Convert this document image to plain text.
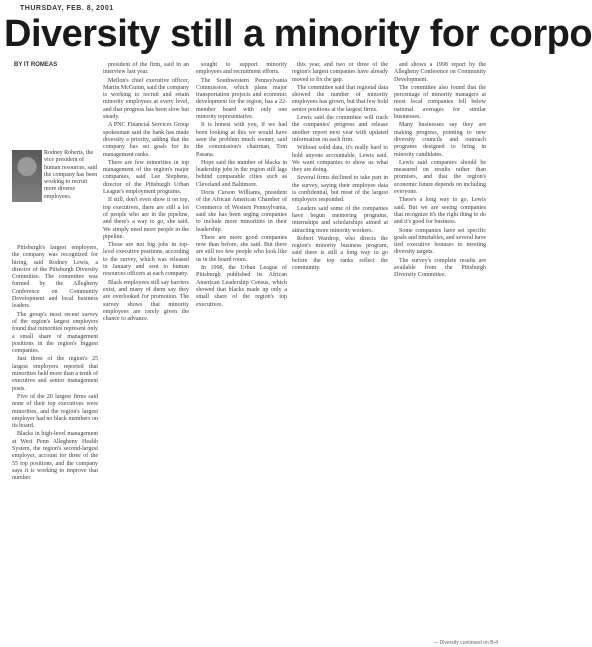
THURSDAY, FEB. 8, 2001
Diversity still a minority for corpo
BY IT ROMEAS
Rodney Roberts, the vice president of human resources, said the company has been working to recruit more diverse employees.

Pittsburgh's largest employers, the company was recognized for hiring, said Rodney Lewis, a director of the Pittsburgh Diversity Committee. The committee was formed by the Allegheny Conference on Community Development and local business leaders.

The group's most recent survey of the region's largest employers found that minorities represent only a small share of management positions in the region's biggest companies.

Just three of the region's 25 largest employers reported that minorities held more than a tenth of executive and senior management posts.

Five of the 20 largest firms said none of their top executives were minorities, and the region's largest employer had no black members on its board.

Blacks in high-level management at West Penn Allegheny Health System, the region's second-largest employer, account for three of the 55 top positions, and the company says it is working to improve that number.

president of the firm, said in an interview last year.

Mellon's chief executive officer, Martin McGuinn, said the company is working to recruit and retain minority employees at every level, and that progress has been slow but steady.

A PNC Financial Services Group spokesman said the bank has made diversity a priority, adding that the company has set goals for its management ranks.

There are few minorities in top management of the region's major companies, said Lee Stephens, director of the Pittsburgh Urban League's employment programs.

If still, don't even show it on top, top executives, there are still a lot of people who are in the pipeline, and there's a way to go, she said. We simply need more people in the pipeline.

Those are not big jobs in top-level executive positions, according to the survey, which was released in January and sent to human resources officers at each company.

Black employees still say barriers exist, and many of them say they are overlooked for promotion. The survey shows that minority employees are rarely given the chance to advance.

sought to support minority employees and recruitment efforts.

The Southwestern Pennsylvania Commission, which plans major transportation projects and economic development for the region, has a 22-member board with only one minority representative.

It is honest with you, if we had been looking at this we would have seen the problem much sooner, said the commission's chairman, Tom Pasana.

Hope said the number of blacks in leadership jobs in the region still lags behind comparable cities such as Cleveland and Baltimore.

Doris Carson Williams, president of the African American Chamber of Commerce of Western Pennsylvania, said she has been urging companies to include more minorities in their leadership.

There are more good companies now than before, she said. But there are still too few people who look like us in the board room.

In 1998, the Urban League of Pittsburgh published its African American Leadership Census, which showed that blacks made up only a small share of the region's top executives.

this year, and two or three of the region's largest companies have already moved to fix the gap.

The committee said that regional data showed the number of minority employees has grown, but that few hold senior positions at the largest firms.

Lewis said the committee will track the companies' progress and release another report next year with updated information on each firm.

Without solid data, it's really hard to hold anyone accountable, Lewis said. We want companies to show us what they are doing.

Several firms declined to take part in the survey, saying their employee data is confidential, but most of the largest employers responded.

Leaders said some of the companies have begun mentoring programs, internships and scholarships aimed at attracting more minority workers.

Robert Wardrop, who directs the region's minority business program, said there is still a long way to go before the top ranks reflect the community.

and shows a 1998 report by the Allegheny Conference on Community Development.

The committee also found that the percentage of minority managers at most local companies fell below national averages for similar businesses.

Many businesses say they are making progress, pointing to new diversity councils and outreach programs designed to bring in minority candidates.

Lewis said companies should be measured on results rather than promises, and that the region's economic future depends on including everyone.

There's a long way to go, Lewis said. But we are seeing companies that recognize it's the right thing to do and it's good for business.

Some companies have set specific goals and timetables, and several have tied executive bonuses to meeting diversity targets.

The survey's complete results are available from the Pittsburgh Diversity Committee.

— Diversity continued on B-4
